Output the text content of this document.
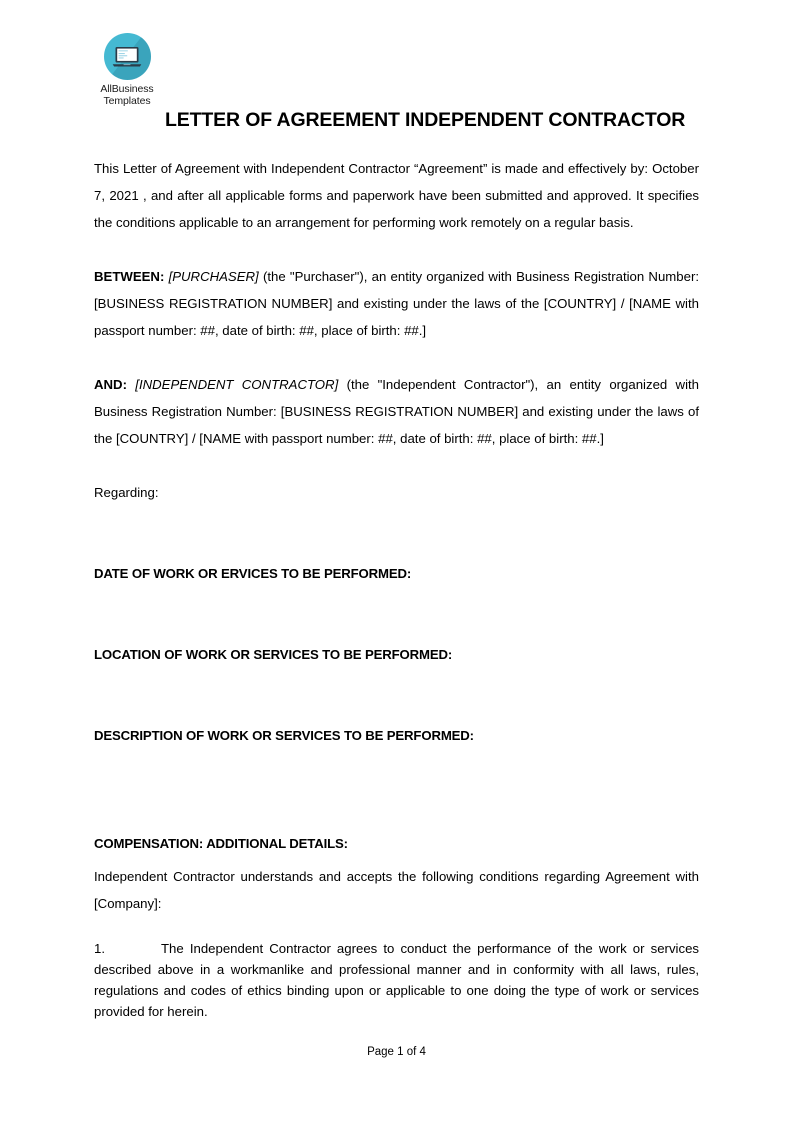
AllBusiness
Templates
LETTER OF AGREEMENT INDEPENDENT CONTRACTOR

This Letter of Agreement with Independent Contractor “Agreement” is made and effectively by: October 7, 2021 , and after all applicable forms and paperwork have been submitted and approved. It specifies the conditions applicable to an arrangement for performing work remotely on a regular basis.

BETWEEN: [PURCHASER] (the "Purchaser"), an entity organized with Business Registration Number: [BUSINESS REGISTRATION NUMBER] and existing under the laws of the [COUNTRY] / [NAME with passport number: ##, date of birth: ##, place of birth: ##.]

AND: [INDEPENDENT CONTRACTOR] (the "Independent Contractor"), an entity organized with Business Registration Number: [BUSINESS REGISTRATION NUMBER] and existing under the laws of the [COUNTRY] / [NAME with passport number: ##, date of birth: ##, place of birth: ##.]

Regarding:

DATE OF WORK OR ERVICES TO BE PERFORMED:
LOCATION OF WORK OR SERVICES TO BE PERFORMED:
DESCRIPTION OF WORK OR SERVICES TO BE PERFORMED:
COMPENSATION: ADDITIONAL DETAILS:

Independent Contractor understands and accepts the following conditions regarding Agreement with [Company]:

1.	The Independent Contractor agrees to conduct the performance of the work or services described above in a workmanlike and professional manner and in conformity with all laws, rules, regulations and codes of ethics binding upon or applicable to one doing the type of work or services provided for herein.

Page 1 of 4
